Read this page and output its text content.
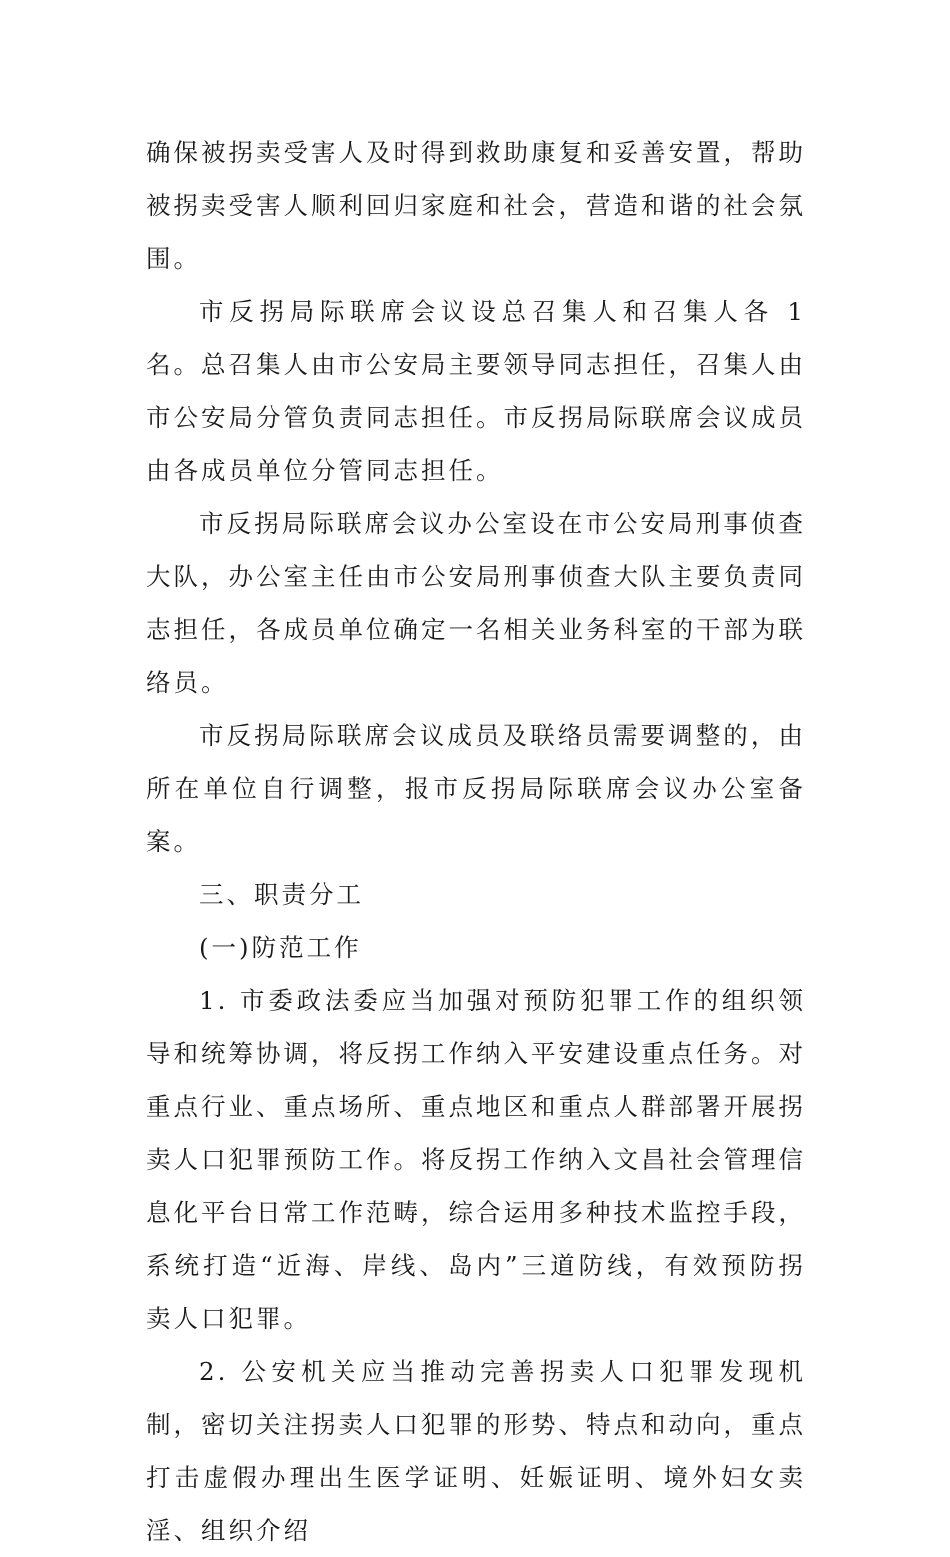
确保被拐卖受害人及时得到救助康复和妥善安置，帮助被拐卖受害人顺利回归家庭和社会，营造和谐的社会氛围。

市反拐局际联席会议设总召集人和召集人各 1 名。总召集人由市公安局主要领导同志担任，召集人由市公安局分管负责同志担任。市反拐局际联席会议成员由各成员单位分管同志担任。

市反拐局际联席会议办公室设在市公安局刑事侦查大队，办公室主任由市公安局刑事侦查大队主要负责同志担任，各成员单位确定一名相关业务科室的干部为联络员。

市反拐局际联席会议成员及联络员需要调整的，由所在单位自行调整，报市反拐局际联席会议办公室备案。

三、职责分工

(一)防范工作

1. 市委政法委应当加强对预防犯罪工作的组织领导和统筹协调，将反拐工作纳入平安建设重点任务。对重点行业、重点场所、重点地区和重点人群部署开展拐卖人口犯罪预防工作。将反拐工作纳入文昌社会管理信息化平台日常工作范畴，综合运用多种技术监控手段，系统打造“近海、岸线、岛内”三道防线，有效预防拐卖人口犯罪。

2. 公安机关应当推动完善拐卖人口犯罪发现机制，密切关注拐卖人口犯罪的形势、特点和动向，重点打击虚假办理出生医学证明、妊娠证明、境外妇女卖淫、组织介绍
